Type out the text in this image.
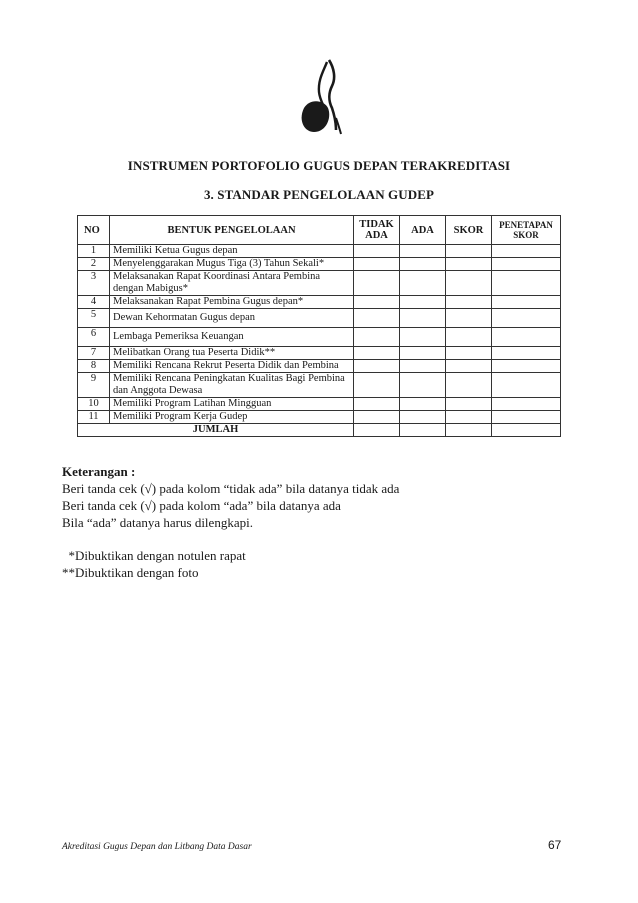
INSTRUMEN PORTOFOLIO GUGUS DEPAN TERAKREDITASI
3. STANDAR PENGELOLAAN GUDEP
NO	BENTUK PENGELOLAAN	TIDAK ADA	ADA	SKOR	PENETAPAN SKOR
1	Memiliki Ketua Gugus depan				
2	Menyelenggarakan Mugus Tiga (3) Tahun Sekali*				
3	Melaksanakan Rapat Koordinasi Antara Pembina dengan Mabigus*				
4	Melaksanakan Rapat Pembina Gugus depan*				
5	Dewan Kehormatan Gugus depan				
6	Lembaga Pemeriksa Keuangan				
7	Melibatkan Orang tua Peserta Didik**				
8	Memiliki Rencana Rekrut Peserta Didik dan Pembina				
9	Memiliki Rencana Peningkatan Kualitas Bagi Pembina dan Anggota Dewasa				
10	Memiliki Program Latihan Mingguan				
11	Memiliki Program Kerja Gudep				
JUMLAH					
Keterangan :
Beri tanda cek (√) pada kolom “tidak ada” bila datanya tidak ada
Beri tanda cek (√) pada kolom “ada” bila datanya ada
Bila “ada” datanya harus dilengkapi.
*Dibuktikan dengan notulen rapat
**Dibuktikan dengan foto
Akreditasi Gugus Depan dan Litbang Data Dasar	67
